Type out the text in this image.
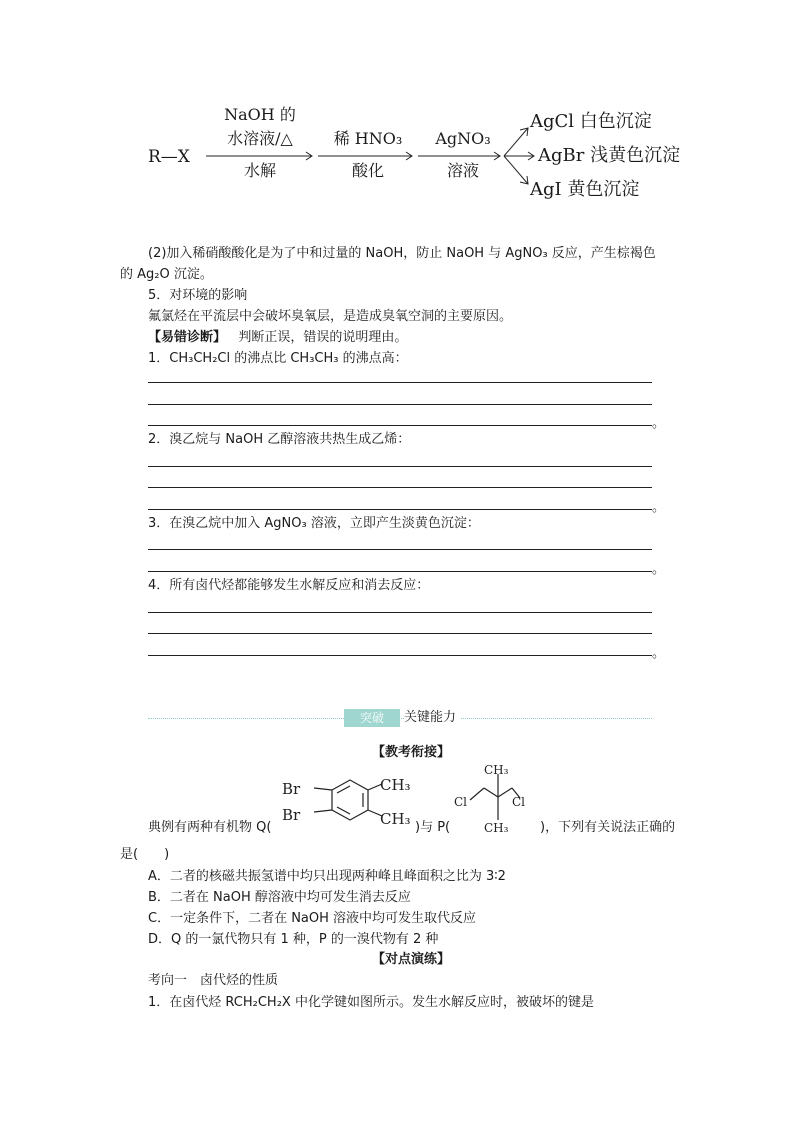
R—X
NaOH 的
水溶液/△
水解
稀 HNO₃
酸化
AgNO₃
溶液
AgCl 白色沉淀
AgBr 浅黄色沉淀
AgI 黄色沉淀
(2)加入稀硝酸酸化是为了中和过量的 NaOH，防止 NaOH 与 AgNO₃ 反应，产生棕褐色
的 Ag₂O 沉淀。
5．对环境的影响
氟氯烃在平流层中会破坏臭氧层，是造成臭氧空洞的主要原因。
【易错诊断】 判断正误，错误的说明理由。
1．CH₃CH₂Cl 的沸点比 CH₃CH₃ 的沸点高：
。
2．溴乙烷与 NaOH 乙醇溶液共热生成乙烯：
。
3．在溴乙烷中加入 AgNO₃ 溶液，立即产生淡黄色沉淀：
。
4．所有卤代烃都能够发生水解反应和消去反应：
。
突破	关键能力
【教考衔接】
Br
Br
CH₃
CH₃
CH₃
Cl	Cl
CH₃
典例有两种有机物 Q(	)与 P(	)，下列有关说法正确的
是(　　)
A．二者的核磁共振氢谱中均只出现两种峰且峰面积之比为 3∶2
B．二者在 NaOH 醇溶液中均可发生消去反应
C．一定条件下，二者在 NaOH 溶液中均可发生取代反应
D．Q 的一氯代物只有 1 种，P 的一溴代物有 2 种
【对点演练】
考向一　卤代烃的性质
1．在卤代烃 RCH₂CH₂X 中化学键如图所示。发生水解反应时，被破坏的键是
